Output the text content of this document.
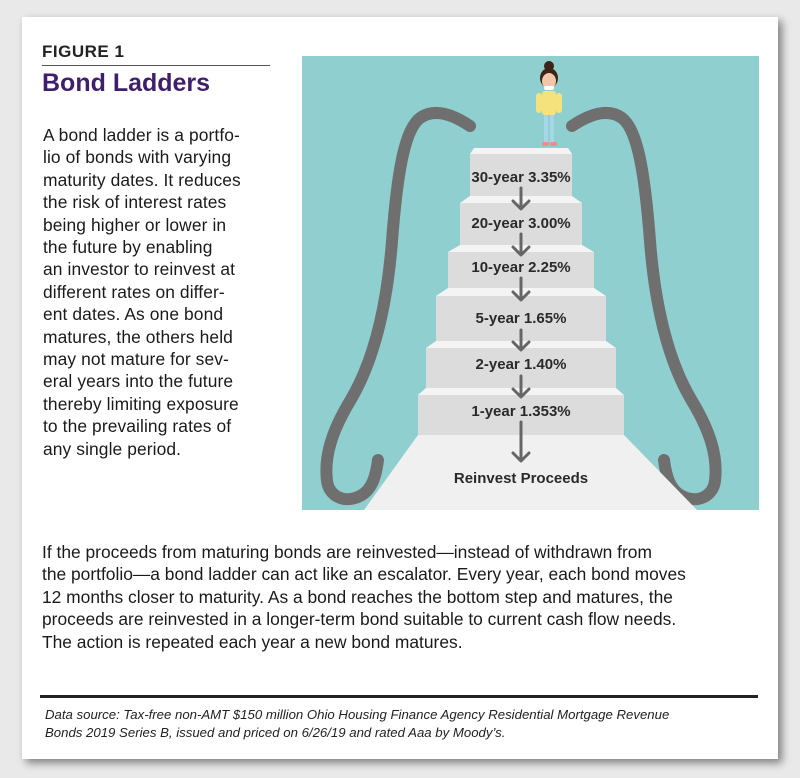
FIGURE 1
Bond Ladders
A bond ladder is a portfo-
lio of bonds with varying
maturity dates. It reduces
the risk of interest rates
being higher or lower in
the future by enabling
an investor to reinvest at
different rates on differ-
ent dates. As one bond
matures, the others held
may not mature for sev-
eral years into the future
thereby limiting exposure
to the prevailing rates of
any single period.
30-year 3.35%
20-year 3.00%
10-year 2.25%
5-year 1.65%
2-year 1.40%
1-year 1.353%
Reinvest Proceeds
If the proceeds from maturing bonds are reinvested—instead of withdrawn from
the portfolio—a bond ladder can act like an escalator. Every year, each bond moves
12 months closer to maturity. As a bond reaches the bottom step and matures, the
proceeds are reinvested in a longer-term bond suitable to current cash flow needs.
The action is repeated each year a new bond matures.
Data source: Tax-free non-AMT $150 million Ohio Housing Finance Agency Residential Mortgage Revenue
Bonds 2019 Series B, issued and priced on 6/26/19 and rated Aaa by Moody’s.
